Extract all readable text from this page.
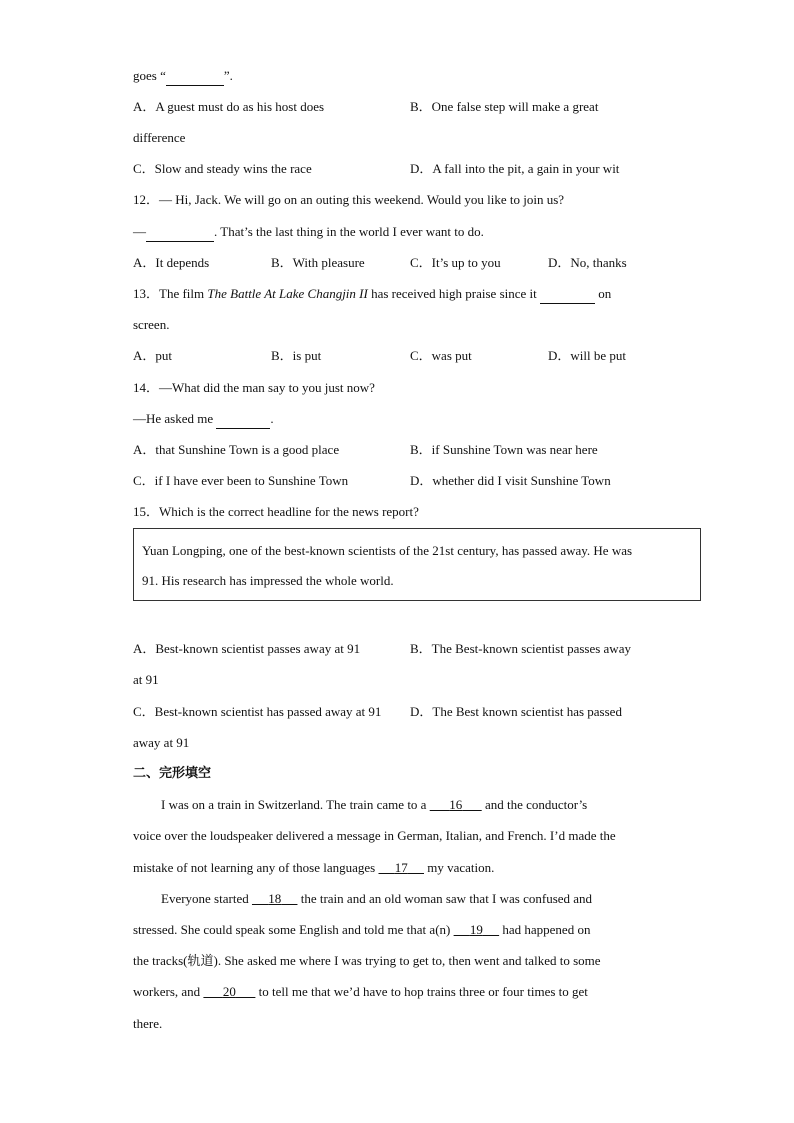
goes “	”.
A．A guest must do as his host does	B．One false step will make a great
difference
C．Slow and steady wins the race	D．A fall into the pit, a gain in your wit
12．— Hi, Jack. We will go on an outing this weekend. Would you like to join us?
—	. That’s the last thing in the world I ever want to do.
A．It depends	B．With pleasure	C．It’s up to you	D．No, thanks
13．The film The Battle At Lake Changjin II has received high praise since it	on
screen.
A．put	B．is put	C．was put	D．will be put
14．—What did the man say to you just now?
—He asked me	.
A．that Sunshine Town is a good place	B．if Sunshine Town was near here
C．if I have ever been to Sunshine Town	D．whether did I visit Sunshine Town
15．Which is the correct headline for the news report?
Yuan Longping, one of the best-known scientists of the 21st century, has passed away. He was
91. His research has impressed the whole world.
A．Best-known scientist passes away at 91	B．The Best-known scientist passes away
at 91
C．Best-known scientist has passed away at 91 D．The Best known scientist has passed
away at 91
二、完形填空
I was on a train in Switzerland. The train came to a       16       and the conductor’s
voice over the loudspeaker delivered a message in German, Italian, and French. I’d made the
mistake of not learning any of those languages      17      my vacation.
Everyone started      18      the train and an old woman saw that I was confused and
stressed. She could speak some English and told me that a(n)      19      had happened on
the tracks(轨道). She asked me where I was trying to get to, then went and talked to some
workers, and       20       to tell me that we’d have to hop trains three or four times to get
there.
